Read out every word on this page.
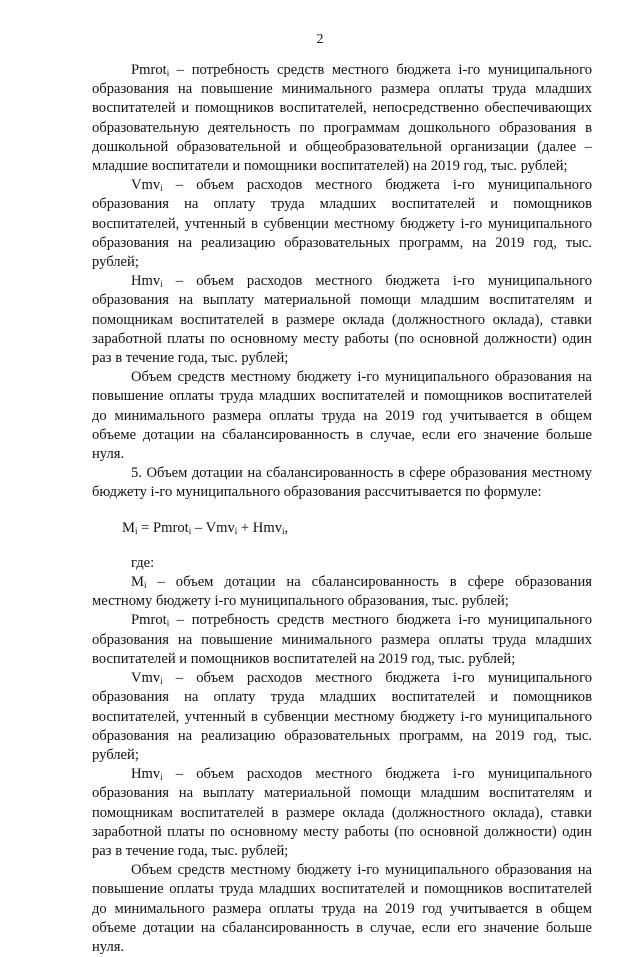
2

Pmrot$_i$ – потребность средств местного бюджета i-го муниципального образования на повышение минимального размера оплаты труда младших воспитателей и помощников воспитателей, непосредственно обеспечивающих образовательную деятельность по программам дошкольного образования в дошкольной образовательной и общеобразовательной организации (далее – младшие воспитатели и помощники воспитателей) на 2019 год, тыс. рублей;

Vmv$_i$ – объем расходов местного бюджета i-го муниципального образования на оплату труда младших воспитателей и помощников воспитателей, учтенный в субвенции местному бюджету i-го муниципального образования на реализацию образовательных программ, на 2019 год, тыс. рублей;

Hmv$_i$ – объем расходов местного бюджета i-го муниципального образования на выплату материальной помощи младшим воспитателям и помощникам воспитателей в размере оклада (должностного оклада), ставки заработной платы по основному месту работы (по основной должности) один раз в течение года, тыс. рублей;

Объем средств местному бюджету i-го муниципального образования на повышение оплаты труда младших воспитателей и помощников воспитателей до минимального размера оплаты труда на 2019 год учитывается в общем объеме дотации на сбалансированность в случае, если его значение больше нуля.

5. Объем дотации на сбалансированность в сфере образования местному бюджету i-го муниципального образования рассчитывается по формуле:

$M_i$ = Pmrot$_i$ – Vmv$_i$ + Hmv$_i$,

где:

$M_i$ – объем дотации на сбалансированность в сфере образования местному бюджету i-го муниципального образования, тыс. рублей;

Pmrot$_i$ – потребность средств местного бюджета i-го муниципального образования на повышение минимального размера оплаты труда младших воспитателей и помощников воспитателей на 2019 год, тыс. рублей;

Vmv$_i$ – объем расходов местного бюджета i-го муниципального образования на оплату труда младших воспитателей и помощников воспитателей, учтенный в субвенции местному бюджету i-го муниципального образования на реализацию образовательных программ, на 2019 год, тыс. рублей;

Hmv$_i$ – объем расходов местного бюджета i-го муниципального образования на выплату материальной помощи младшим воспитателям и помощникам воспитателей в размере оклада (должностного оклада), ставки заработной платы по основному месту работы (по основной должности) один раз в течение года, тыс. рублей;

Объем средств местному бюджету i-го муниципального образования на повышение оплаты труда младших воспитателей и помощников воспитателей до минимального размера оплаты труда на 2019 год учитывается в общем объеме дотации на сбалансированность в случае, если его значение больше нуля.
